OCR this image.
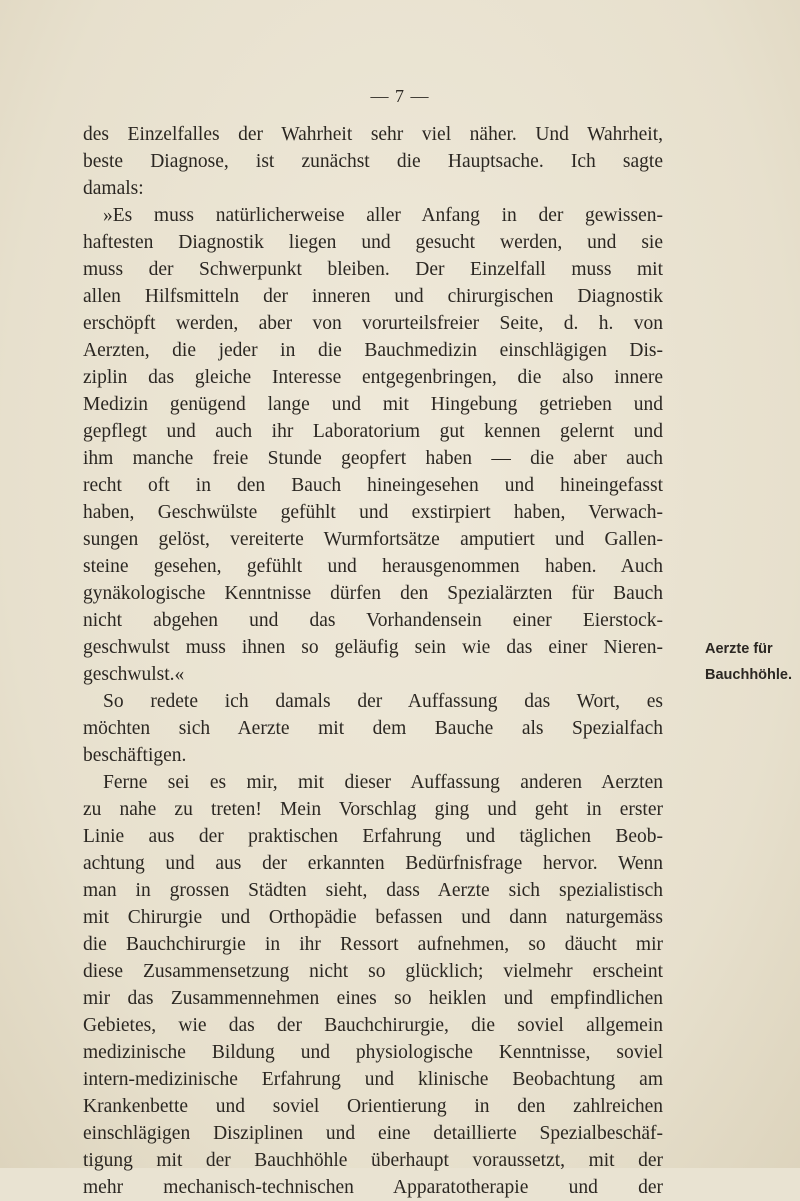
— 7 —
des Einzelfalles der Wahrheit sehr viel näher. Und Wahrheit,
beste Diagnose, ist zunächst die Hauptsache. Ich sagte
damals:
»Es muss natürlicherweise aller Anfang in der gewissen-
haftesten Diagnostik liegen und gesucht werden, und sie
muss der Schwerpunkt bleiben. Der Einzelfall muss mit
allen Hilfsmitteln der inneren und chirurgischen Diagnostik
erschöpft werden, aber von vorurteilsfreier Seite, d. h. von
Aerzten, die jeder in die Bauchmedizin einschlägigen Dis-
ziplin das gleiche Interesse entgegenbringen, die also innere
Medizin genügend lange und mit Hingebung getrieben und
gepflegt und auch ihr Laboratorium gut kennen gelernt und
ihm manche freie Stunde geopfert haben — die aber auch
recht oft in den Bauch hineingesehen und hineingefasst
haben, Geschwülste gefühlt und exstirpiert haben, Verwach-
sungen gelöst, vereiterte Wurmfortsätze amputiert und Gallen-
steine gesehen, gefühlt und herausgenommen haben. Auch
gynäkologische Kenntnisse dürfen den Spezialärzten für Bauch
nicht abgehen und das Vorhandensein einer Eierstock-
geschwulst muss ihnen so geläufig sein wie das einer Nieren-
geschwulst.«
So redete ich damals der Auffassung das Wort, es
möchten sich Aerzte mit dem Bauche als Spezialfach
beschäftigen.
Ferne sei es mir, mit dieser Auffassung anderen Aerzten
zu nahe zu treten! Mein Vorschlag ging und geht in erster
Linie aus der praktischen Erfahrung und täglichen Beob-
achtung und aus der erkannten Bedürfnisfrage hervor. Wenn
man in grossen Städten sieht, dass Aerzte sich spezialistisch
mit Chirurgie und Orthopädie befassen und dann naturgemäss
die Bauchchirurgie in ihr Ressort aufnehmen, so däucht mir
diese Zusammensetzung nicht so glücklich; vielmehr erscheint
mir das Zusammennehmen eines so heiklen und empfindlichen
Gebietes, wie das der Bauchchirurgie, die soviel allgemein
medizinische Bildung und physiologische Kenntnisse, soviel
intern-medizinische Erfahrung und klinische Beobachtung am
Krankenbette und soviel Orientierung in den zahlreichen
einschlägigen Disziplinen und eine detaillierte Spezialbeschäf-
tigung mit der Bauchhöhle überhaupt voraussetzt, mit der
mehr mechanisch-technischen Apparatotherapie und der
Aerzte für
Bauchhöhle.
